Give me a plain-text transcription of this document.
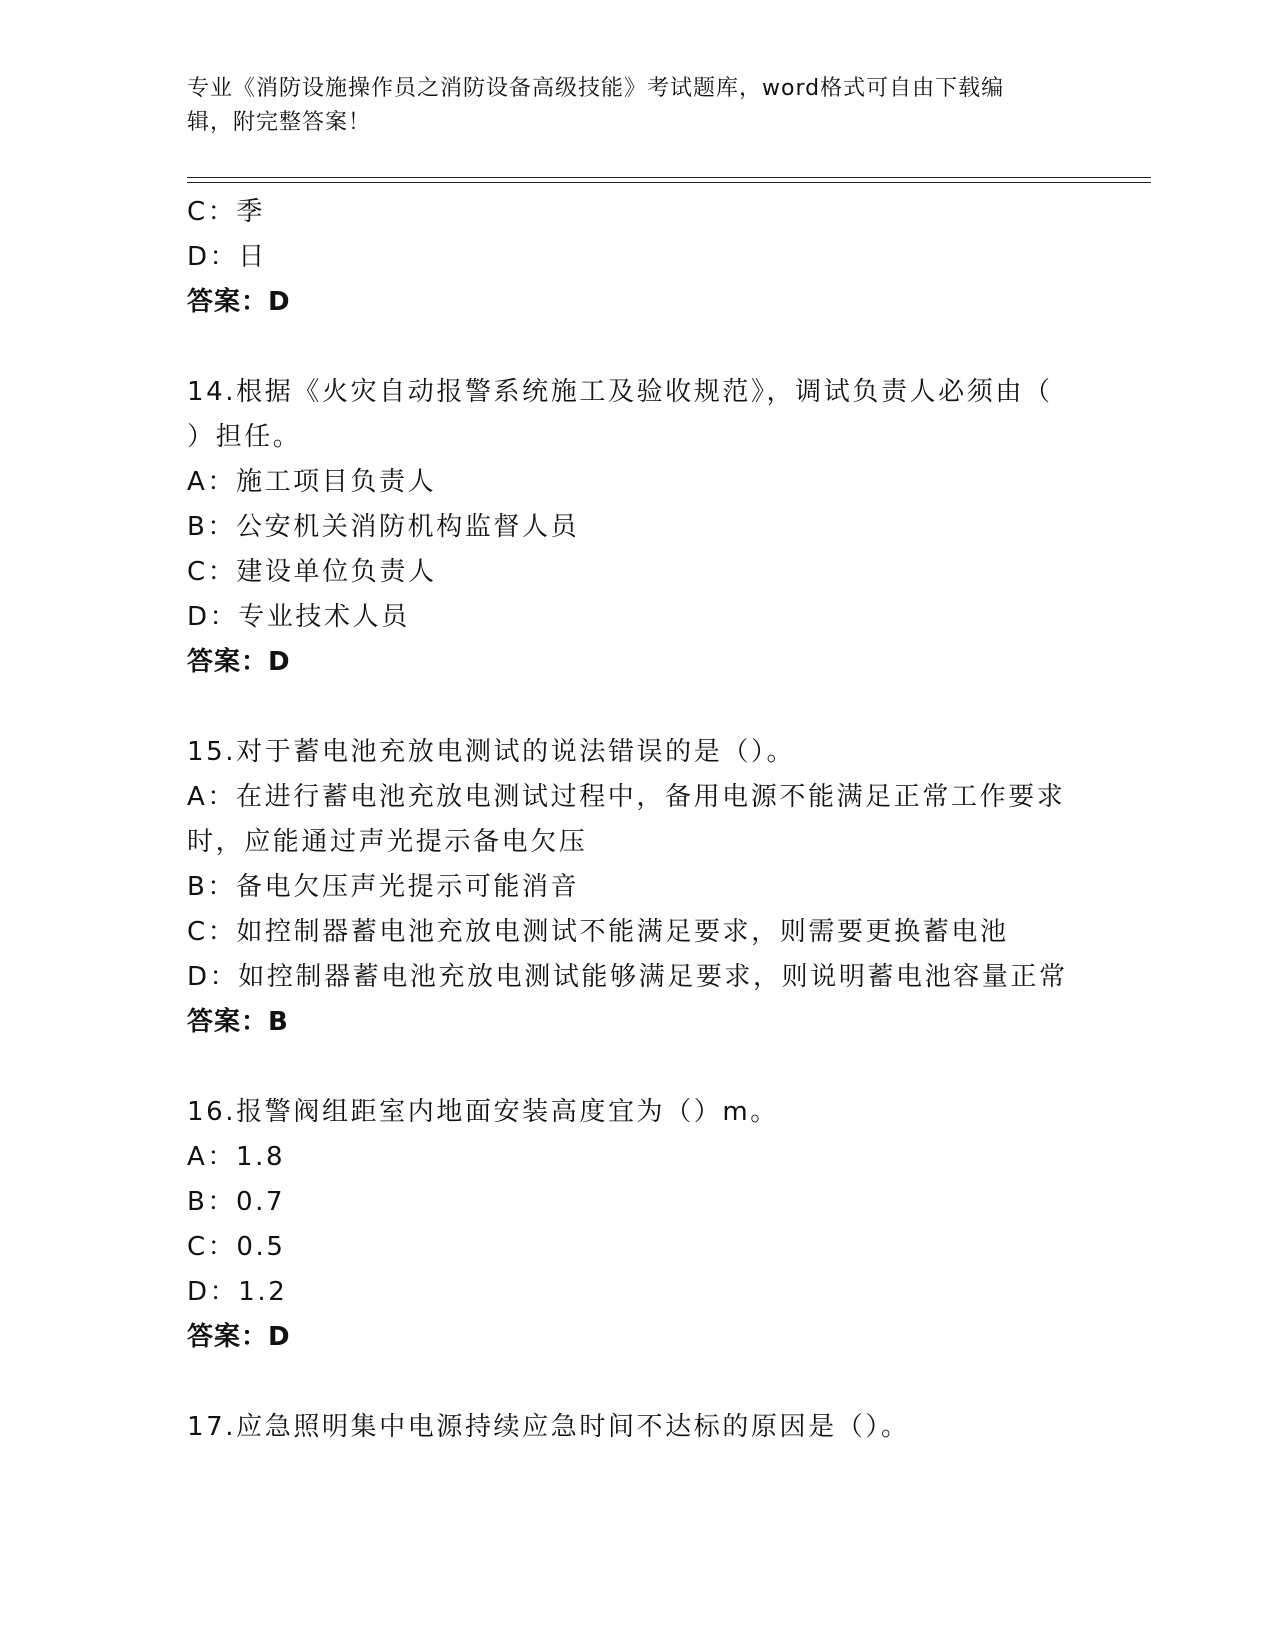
专业《消防设施操作员之消防设备高级技能》考试题库，word格式可自由下载编
辑，附完整答案！
C：季
D：日
答案：D
14.根据《火灾自动报警系统施工及验收规范》，调试负责人必须由（
）担任。
A：施工项目负责人
B：公安机关消防机构监督人员
C：建设单位负责人
D：专业技术人员
答案：D
15.对于蓄电池充放电测试的说法错误的是（）。
A：在进行蓄电池充放电测试过程中，备用电源不能满足正常工作要求
时，应能通过声光提示备电欠压
B：备电欠压声光提示可能消音
C：如控制器蓄电池充放电测试不能满足要求，则需要更换蓄电池
D：如控制器蓄电池充放电测试能够满足要求，则说明蓄电池容量正常
答案：B
16.报警阀组距室内地面安装高度宜为（）m。
A：1.8
B：0.7
C：0.5
D：1.2
答案：D
17.应急照明集中电源持续应急时间不达标的原因是（）。
